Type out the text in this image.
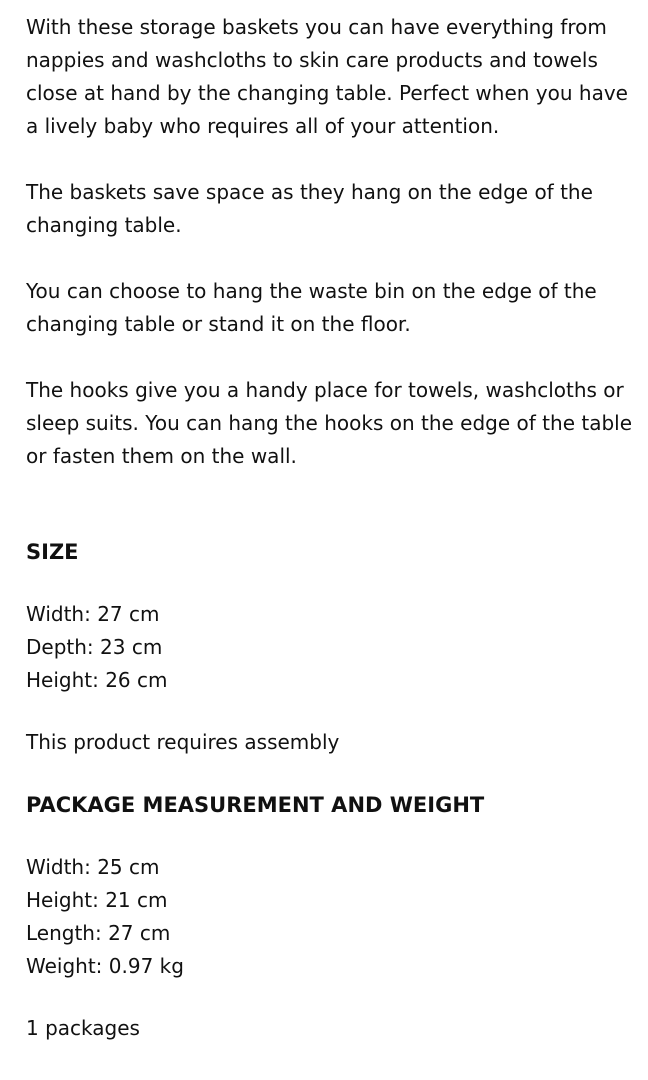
With these storage baskets you can have everything from nappies and washcloths to skin care products and towels close at hand by the changing table. Perfect when you have a lively baby who requires all of your attention.

The baskets save space as they hang on the edge of the changing table.

You can choose to hang the waste bin on the edge of the changing table or stand it on the floor.

The hooks give you a handy place for towels, washcloths or sleep suits. You can hang the hooks on the edge of the table or fasten them on the wall.

SIZE
Width: 27 cm
Depth: 23 cm
Height: 26 cm

This product requires assembly

PACKAGE MEASUREMENT AND WEIGHT
Width: 25 cm
Height: 21 cm
Length: 27 cm
Weight: 0.97 kg

1 packages
